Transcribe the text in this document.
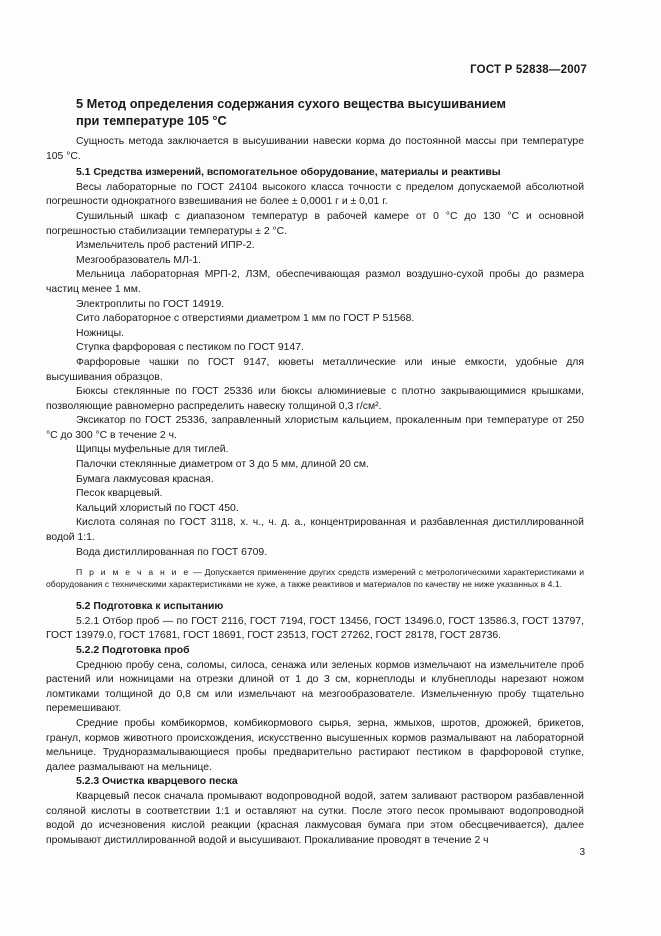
ГОСТ Р 52838—2007
5 Метод определения содержания сухого вещества высушиванием
при температуре 105 °С

Сущность метода заключается в высушивании навески корма до постоянной массы при температуре 105 °С.

5.1 Средства измерений, вспомогательное оборудование, материалы и реактивы

Весы лабораторные по ГОСТ 24104 высокого класса точности с пределом допускаемой абсолютной погрешности однократного взвешивания не более ± 0,0001 г и ± 0,01 г.

Сушильный шкаф с диапазоном температур в рабочей камере от 0 °С до 130 °С и основной погрешностью стабилизации температуры ± 2 °С.

Измельчитель проб растений ИПР-2.

Мезгообразователь МЛ-1.

Мельница лабораторная МРП-2, ЛЗМ, обеспечивающая размол воздушно-сухой пробы до размера частиц менее 1 мм.

Электроплиты по ГОСТ 14919.

Сито лабораторное с отверстиями диаметром 1 мм по ГОСТ Р 51568.

Ножницы.

Ступка фарфоровая с пестиком по ГОСТ 9147.

Фарфоровые чашки по ГОСТ 9147, кюветы металлические или иные емкости, удобные для высушивания образцов.

Бюксы стеклянные по ГОСТ 25336 или бюксы алюминиевые с плотно закрывающимися крышками, позволяющие равномерно распределить навеску толщиной 0,3 г/см².

Эксикатор по ГОСТ 25336, заправленный хлористым кальцием, прокаленным при температуре от 250 °С до 300 °С в течение 2 ч.

Щипцы муфельные для тиглей.

Палочки стеклянные диаметром от 3 до 5 мм, длиной 20 см.

Бумага лакмусовая красная.

Песок кварцевый.

Кальций хлористый по ГОСТ 450.

Кислота соляная по ГОСТ 3118, х. ч., ч. д. а., концентрированная и разбавленная дистиллированной водой 1:1.

Вода дистиллированная по ГОСТ 6709.

П р и м е ч а н и е — Допускается применение других средств измерений с метрологическими характеристиками и оборудования с техническими характеристиками не хуже, а также реактивов и материалов по качеству не ниже указанных в 4.1.
5.2 Подготовка к испытанию

5.2.1 Отбор проб — по ГОСТ 2116, ГОСТ 7194, ГОСТ 13456, ГОСТ 13496.0, ГОСТ 13586.3, ГОСТ 13797, ГОСТ 13979.0, ГОСТ 17681, ГОСТ 18691, ГОСТ 23513, ГОСТ 27262, ГОСТ 28178, ГОСТ 28736.

5.2.2 Подготовка проб

Среднюю пробу сена, соломы, силоса, сенажа или зеленых кормов измельчают на измельчителе проб растений или ножницами на отрезки длиной от 1 до 3 см, корнеплоды и клубнеплоды нарезают ножом ломтиками толщиной до 0,8 см или измельчают на мезгообразователе. Измельченную пробу тщательно перемешивают.

Средние пробы комбикормов, комбикормового сырья, зерна, жмыхов, шротов, дрожжей, брикетов, гранул, кормов животного происхождения, искусственно высушенных кормов размалывают на лабораторной мельнице. Трудноразмалывающиеся пробы предварительно растирают пестиком в фарфоровой ступке, далее размалывают на мельнице.

5.2.3 Очистка кварцевого песка

Кварцевый песок сначала промывают водопроводной водой, затем заливают раствором разбавленной соляной кислоты в соответствии 1:1 и оставляют на сутки. После этого песок промывают водопроводной водой до исчезновения кислой реакции (красная лакмусовая бумага при этом обесцвечивается), далее промывают дистиллированной водой и высушивают. Прокаливание проводят в течение 2 ч

3
